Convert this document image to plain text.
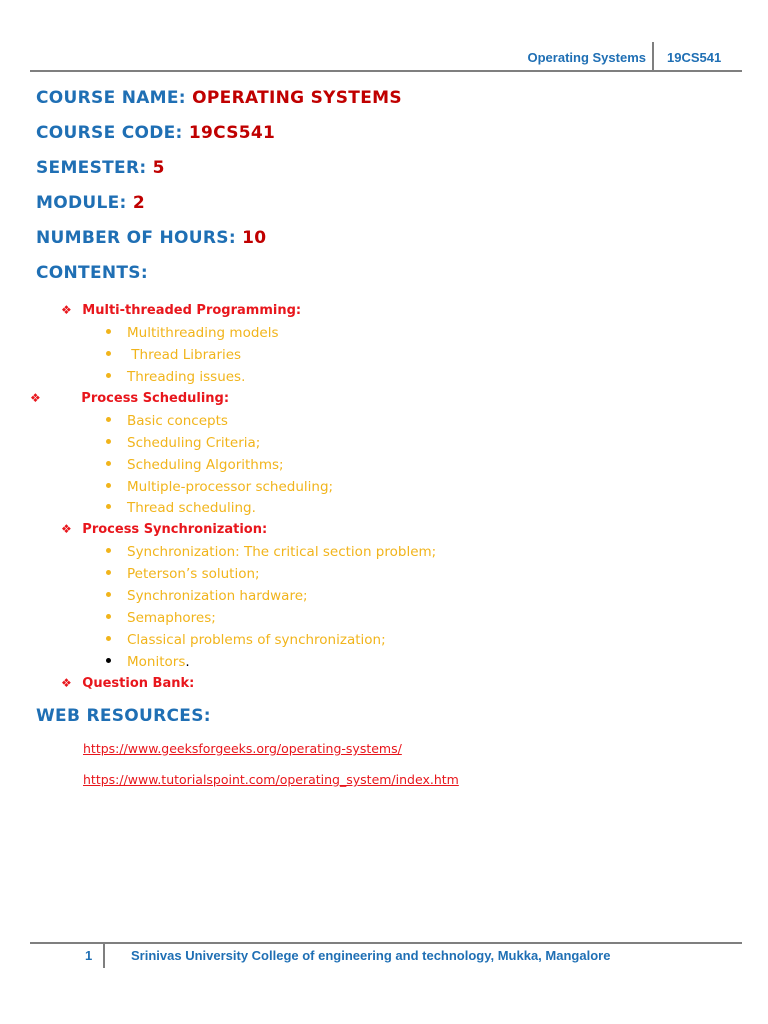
Operating Systems 19CS541
COURSE NAME: OPERATING SYSTEMS
COURSE CODE: 19CS541
SEMESTER: 5
MODULE: 2
NUMBER OF HOURS: 10
CONTENTS:
❖ Multi-threaded Programming:
Multithreading models
Thread Libraries
Threading issues.
❖	Process Scheduling:
Basic concepts
Scheduling Criteria;
Scheduling Algorithms;
Multiple-processor scheduling;
Thread scheduling.
❖ Process Synchronization:
Synchronization: The critical section problem;
Peterson’s solution;
Synchronization hardware;
Semaphores;
Classical problems of synchronization;
Monitors.
❖ Question Bank:
WEB RESOURCES:
https://www.geeksforgeeks.org/operating-systems/
https://www.tutorialspoint.com/operating_system/index.htm
1	Srinivas University College of engineering and technology, Mukka, Mangalore
